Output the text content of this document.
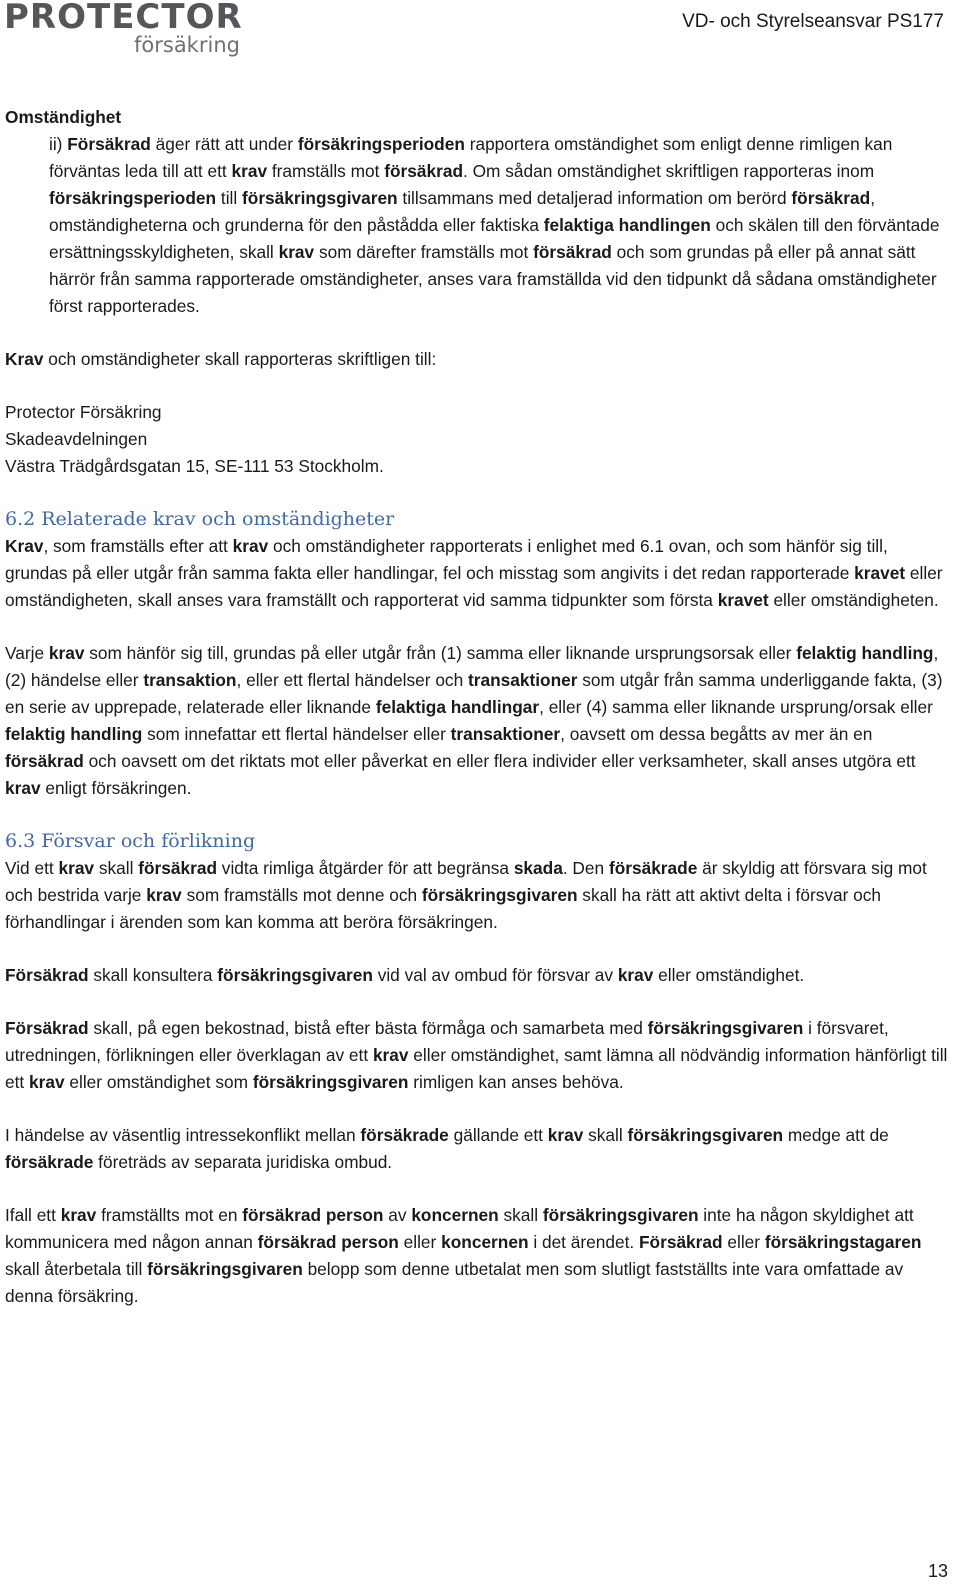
PROTECTOR
försäkring
VD- och Styrelseansvar PS177

Omständighet

ii) Försäkrad äger rätt att under försäkringsperioden rapportera omständighet som enligt denne rimligen kan förväntas leda till att ett krav framställs mot försäkrad. Om sådan omständighet skriftligen rapporteras inom försäkringsperioden till försäkringsgivaren tillsammans med detaljerad information om berörd försäkrad, omständigheterna och grunderna för den påstådda eller faktiska felaktiga handlingen och skälen till den förväntade ersättningsskyldigheten, skall krav som därefter framställs mot försäkrad och som grundas på eller på annat sätt härrör från samma rapporterade omständigheter, anses vara framställda vid den tidpunkt då sådana omständigheter först rapporterades.

Krav och omständigheter skall rapporteras skriftligen till:

Protector Försäkring
Skadeavdelningen
Västra Trädgårdsgatan 15, SE-111 53 Stockholm.
6.2 Relaterade krav och omständigheter

Krav, som framställs efter att krav och omständigheter rapporterats i enlighet med 6.1 ovan, och som hänför sig till, grundas på eller utgår från samma fakta eller handlingar, fel och misstag som angivits i det redan rapporterade kravet eller omständigheten, skall anses vara framställt och rapporterat vid samma tidpunkter som första kravet eller omständigheten.

Varje krav som hänför sig till, grundas på eller utgår från (1) samma eller liknande ursprungsorsak eller felaktig handling, (2) händelse eller transaktion, eller ett flertal händelser och transaktioner som utgår från samma underliggande fakta, (3) en serie av upprepade, relaterade eller liknande felaktiga handlingar, eller (4) samma eller liknande ursprung/orsak eller felaktig handling som innefattar ett flertal händelser eller transaktioner, oavsett om dessa begåtts av mer än en försäkrad och oavsett om det riktats mot eller påverkat en eller flera individer eller verksamheter, skall anses utgöra ett krav enligt försäkringen.

6.3 Försvar och förlikning

Vid ett krav skall försäkrad vidta rimliga åtgärder för att begränsa skada. Den försäkrade är skyldig att försvara sig mot och bestrida varje krav som framställs mot denne och försäkringsgivaren skall ha rätt att aktivt delta i försvar och förhandlingar i ärenden som kan komma att beröra försäkringen.

Försäkrad skall konsultera försäkringsgivaren vid val av ombud för försvar av krav eller omständighet.

Försäkrad skall, på egen bekostnad, bistå efter bästa förmåga och samarbeta med försäkringsgivaren i försvaret, utredningen, förlikningen eller överklagan av ett krav eller omständighet, samt lämna all nödvändig information hänförligt till ett krav eller omständighet som försäkringsgivaren rimligen kan anses behöva.

I händelse av väsentlig intressekonflikt mellan försäkrade gällande ett krav skall försäkringsgivaren medge att de försäkrade företräds av separata juridiska ombud.

Ifall ett krav framställts mot en försäkrad person av koncernen skall försäkringsgivaren inte ha någon skyldighet att kommunicera med någon annan försäkrad person eller koncernen i det ärendet. Försäkrad eller försäkringstagaren skall återbetala till försäkringsgivaren belopp som denne utbetalat men som slutligt fastställts inte vara omfattade av denna försäkring.

13
